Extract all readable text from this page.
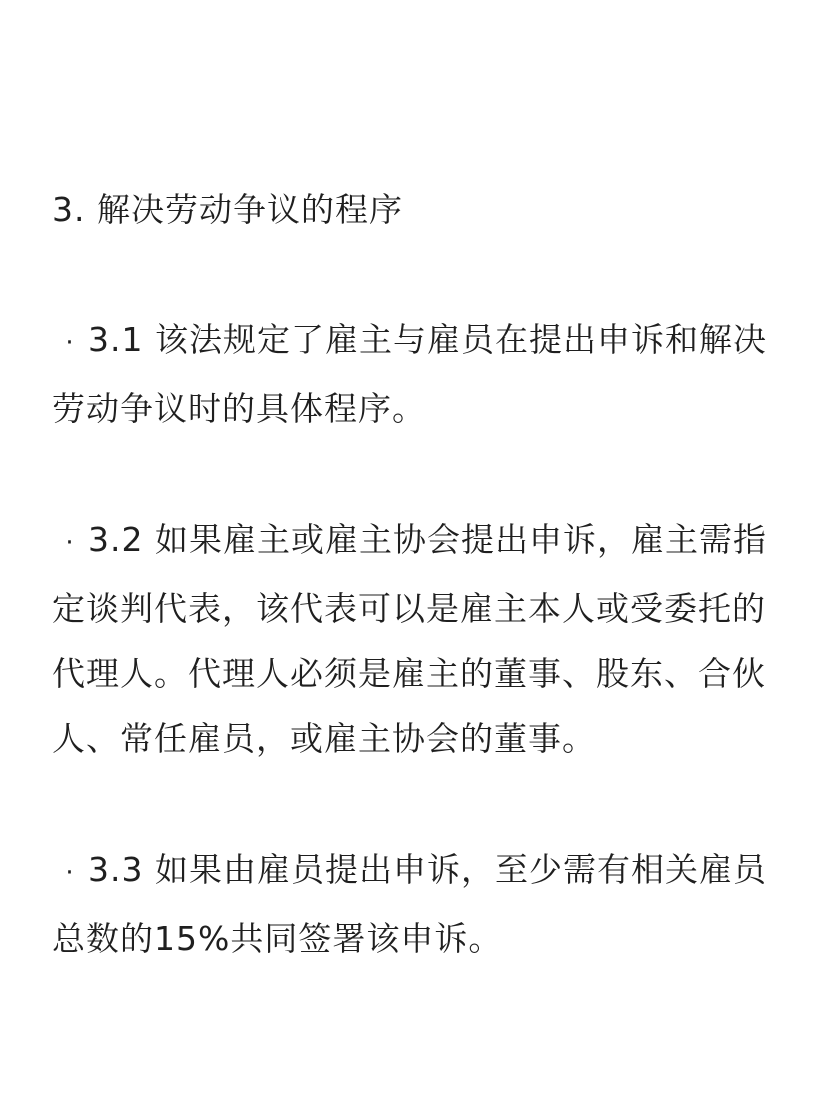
3. 解决劳动争议的程序

· 3.1 该法规定了雇主与雇员在提出申诉和解决劳动争议时的具体程序。

· 3.2 如果雇主或雇主协会提出申诉，雇主需指定谈判代表，该代表可以是雇主本人或受委托的代理人。代理人必须是雇主的董事、股东、合伙人、常任雇员，或雇主协会的董事。

· 3.3 如果由雇员提出申诉，至少需有相关雇员总数的15%共同签署该申诉。
